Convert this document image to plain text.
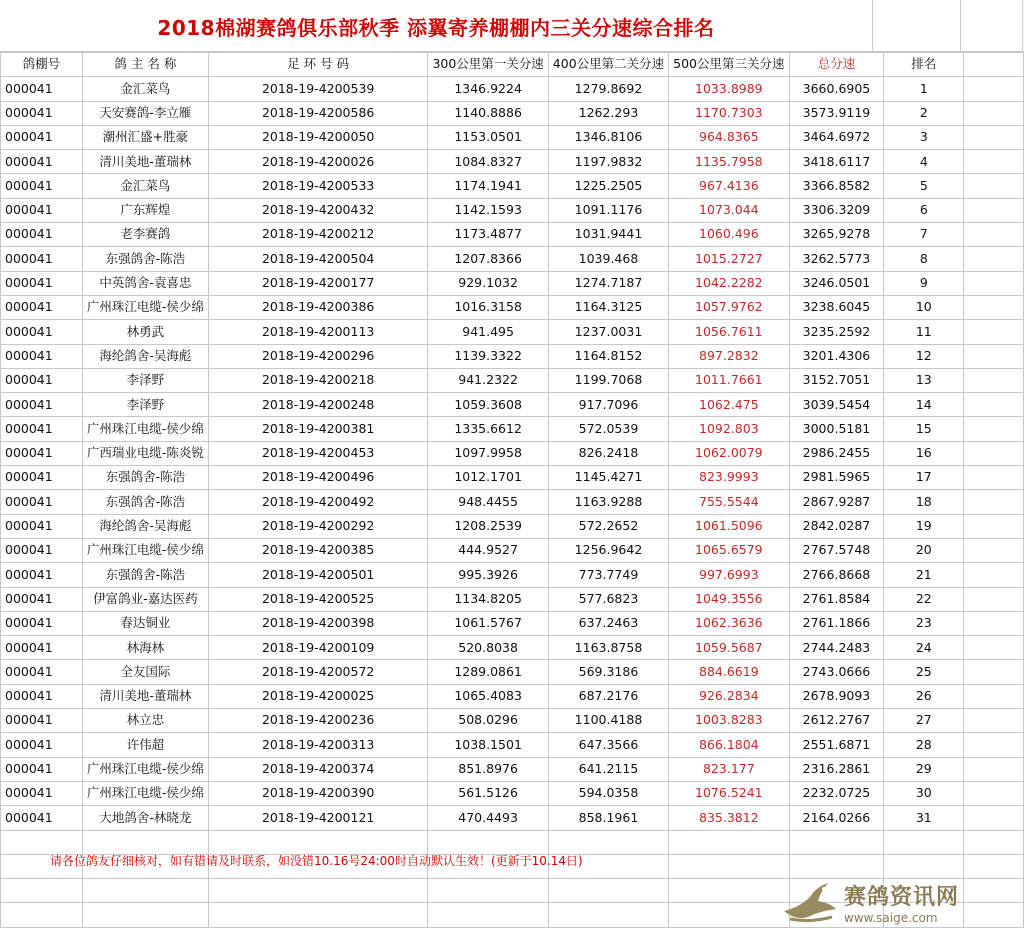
2018棉湖赛鸽俱乐部秋季 添翼寄养棚棚内三关分速综合排名
鸽棚号	鸽 主 名 称	足 环 号 码	300公里第一关分速	400公里第二关分速	500公里第三关分速	总分速	排名	
000041	金汇菜鸟	2018-19-4200539	1346.9224	1279.8692	1033.8989	3660.6905	1	
000041	天安赛鸽-李立雁	2018-19-4200586	1140.8886	1262.293	1170.7303	3573.9119	2	
000041	潮州汇盛+胜豪	2018-19-4200050	1153.0501	1346.8106	964.8365	3464.6972	3	
000041	清川美地-董瑞林	2018-19-4200026	1084.8327	1197.9832	1135.7958	3418.6117	4	
000041	金汇菜鸟	2018-19-4200533	1174.1941	1225.2505	967.4136	3366.8582	5	
000041	广东辉煌	2018-19-4200432	1142.1593	1091.1176	1073.044	3306.3209	6	
000041	老李赛鸽	2018-19-4200212	1173.4877	1031.9441	1060.496	3265.9278	7	
000041	东强鸽舍-陈浩	2018-19-4200504	1207.8366	1039.468	1015.2727	3262.5773	8	
000041	中英鸽舍-袁喜忠	2018-19-4200177	929.1032	1274.7187	1042.2282	3246.0501	9	
000041	广州珠江电缆-侯少绵	2018-19-4200386	1016.3158	1164.3125	1057.9762	3238.6045	10	
000041	林勇武	2018-19-4200113	941.495	1237.0031	1056.7611	3235.2592	11	
000041	海纶鸽舍-吴海彪	2018-19-4200296	1139.3322	1164.8152	897.2832	3201.4306	12	
000041	李泽野	2018-19-4200218	941.2322	1199.7068	1011.7661	3152.7051	13	
000041	李泽野	2018-19-4200248	1059.3608	917.7096	1062.475	3039.5454	14	
000041	广州珠江电缆-侯少绵	2018-19-4200381	1335.6612	572.0539	1092.803	3000.5181	15	
000041	广西瑞业电缆-陈炎锐	2018-19-4200453	1097.9958	826.2418	1062.0079	2986.2455	16	
000041	东强鸽舍-陈浩	2018-19-4200496	1012.1701	1145.4271	823.9993	2981.5965	17	
000041	东强鸽舍-陈浩	2018-19-4200492	948.4455	1163.9288	755.5544	2867.9287	18	
000041	海纶鸽舍-吴海彪	2018-19-4200292	1208.2539	572.2652	1061.5096	2842.0287	19	
000041	广州珠江电缆-侯少绵	2018-19-4200385	444.9527	1256.9642	1065.6579	2767.5748	20	
000041	东强鸽舍-陈浩	2018-19-4200501	995.3926	773.7749	997.6993	2766.8668	21	
000041	伊富鸽业-嘉达医药	2018-19-4200525	1134.8205	577.6823	1049.3556	2761.8584	22	
000041	春达铜业	2018-19-4200398	1061.5767	637.2463	1062.3636	2761.1866	23	
000041	林海林	2018-19-4200109	520.8038	1163.8758	1059.5687	2744.2483	24	
000041	全友国际	2018-19-4200572	1289.0861	569.3186	884.6619	2743.0666	25	
000041	清川美地-董瑞林	2018-19-4200025	1065.4083	687.2176	926.2834	2678.9093	26	
000041	林立忠	2018-19-4200236	508.0296	1100.4188	1003.8283	2612.2767	27	
000041	许伟超	2018-19-4200313	1038.1501	647.3566	866.1804	2551.6871	28	
000041	广州珠江电缆-侯少绵	2018-19-4200374	851.8976	641.2115	823.177	2316.2861	29	
000041	广州珠江电缆-侯少绵	2018-19-4200390	561.5126	594.0358	1076.5241	2232.0725	30	
000041	大地鸽舍-林晓龙	2018-19-4200121	470.4493	858.1961	835.3812	2164.0266	31	

请各位鸽友仔细核对，如有错请及时联系，如没错10.16号24:00时自动默认生效！(更新于10.14日)
赛鸽资讯网
www.saige.com
